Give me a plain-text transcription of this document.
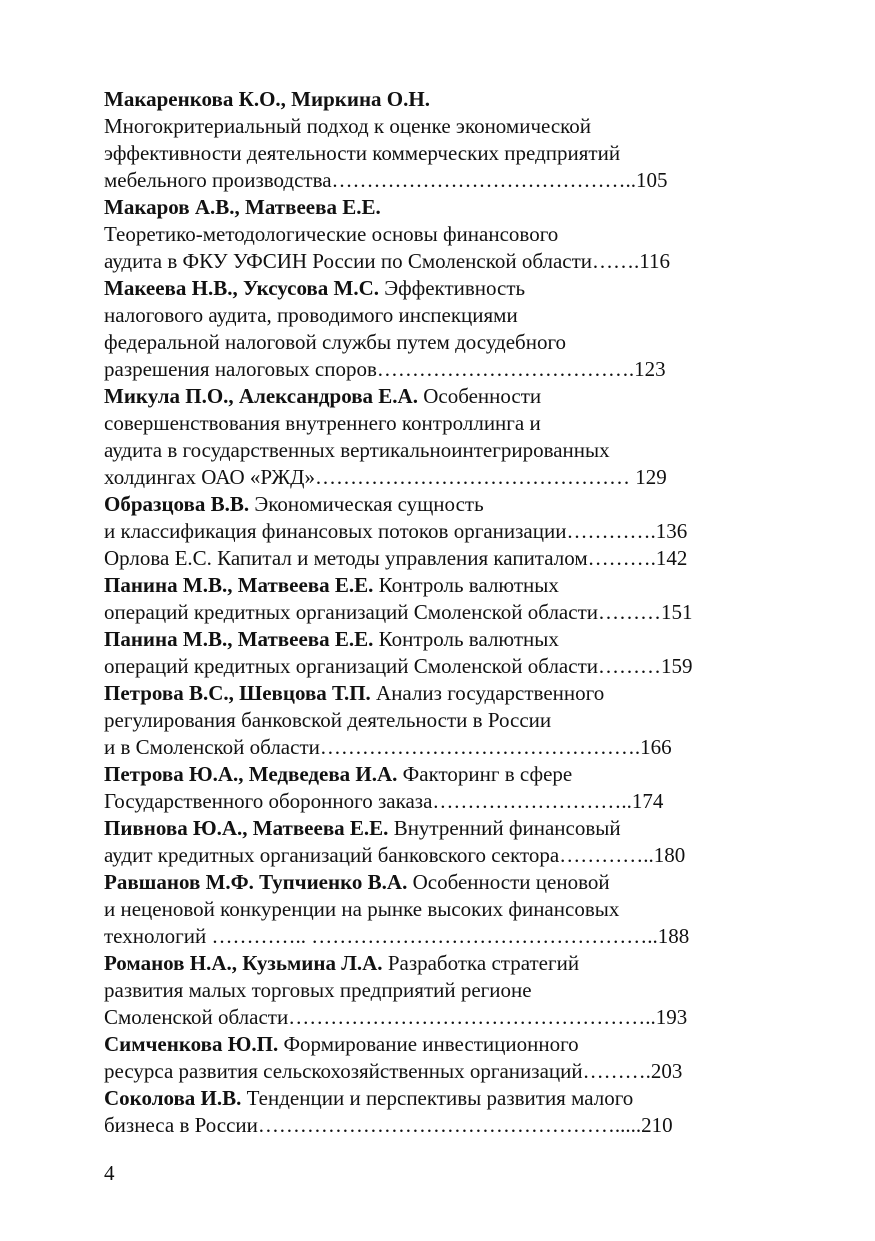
Макаренкова К.О., Миркина О.Н.
Многокритериальный подход к оценке экономической
эффективности деятельности коммерческих предприятий
мебельного производства……………………………………..105
Макаров А.В., Матвеева Е.Е.
Теоретико-методологические основы финансового
аудита в ФКУ УФСИН России по Смоленской области…….116
Макеева Н.В., Уксусова М.С. Эффективность
налогового аудита, проводимого инспекциями
федеральной налоговой службы путем досудебного
разрешения налоговых споров……………………………….123
Микула П.О., Александрова Е.А. Особенности
совершенствования внутреннего контроллинга и
аудита в государственных вертикальноинтегрированных
холдингах ОАО «РЖД»……………………………………… 129
Образцова В.В. Экономическая сущность
и классификация финансовых потоков организации………….136
Орлова Е.С. Капитал и методы управления капиталом……….142
Панина М.В., Матвеева Е.Е. Контроль валютных
операций кредитных организаций Смоленской области………151
Панина М.В., Матвеева Е.Е. Контроль валютных
операций кредитных организаций Смоленской области………159
Петрова В.С., Шевцова Т.П. Анализ государственного
регулирования банковской деятельности в России
и в Смоленской области……………………………………….166
Петрова Ю.А., Медведева И.А. Факторинг в сфере
Государственного оборонного заказа………………………..174
Пивнова Ю.А., Матвеева Е.Е. Внутренний финансовый
аудит кредитных организаций банковского сектора…………..180
Равшанов М.Ф. Тупчиенко В.А. Особенности ценовой
и неценовой конкуренции на рынке высоких финансовых
технологий ………….. …………………………………………..188
Романов Н.А., Кузьмина Л.А. Разработка стратегий
развития малых торговых предприятий регионе
Смоленской области……………………………………………..193
Симченкова Ю.П. Формирование инвестиционного
ресурса развития сельскохозяйственных организаций……….203
Соколова И.В. Тенденции и перспективы развития малого
бизнеса в России…………………………………………….....210
4
